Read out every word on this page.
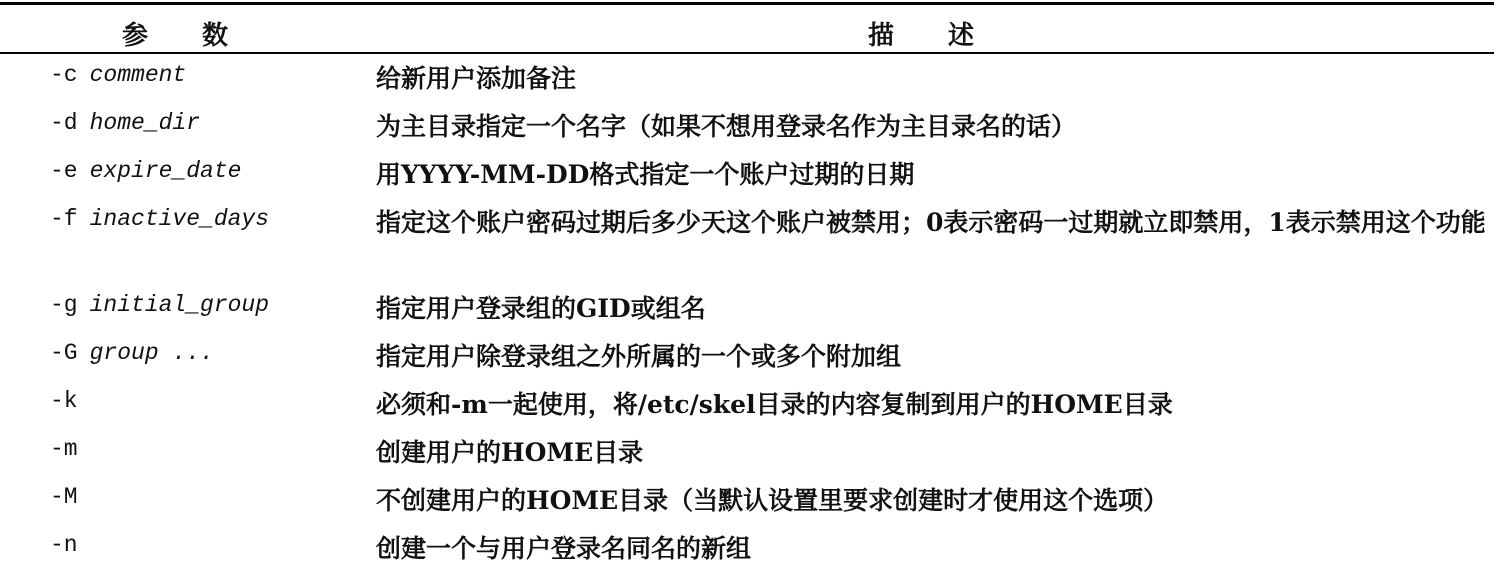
参数	描述
-c comment	给新用户添加备注
-d home_dir	为主目录指定一个名字（如果不想用登录名作为主目录名的话）
-e expire_date	用YYYY-MM-DD格式指定一个账户过期的日期
-f inactive_days	指定这个账户密码过期后多少天这个账户被禁用；0表示密码一过期就立即禁用，1表示禁用这个功能
-g initial_group	指定用户登录组的GID或组名
-G group ...	指定用户除登录组之外所属的一个或多个附加组
-k	必须和-m一起使用，将/etc/skel目录的内容复制到用户的HOME目录
-m	创建用户的HOME目录
-M	不创建用户的HOME目录（当默认设置里要求创建时才使用这个选项）
-n	创建一个与用户登录名同名的新组
